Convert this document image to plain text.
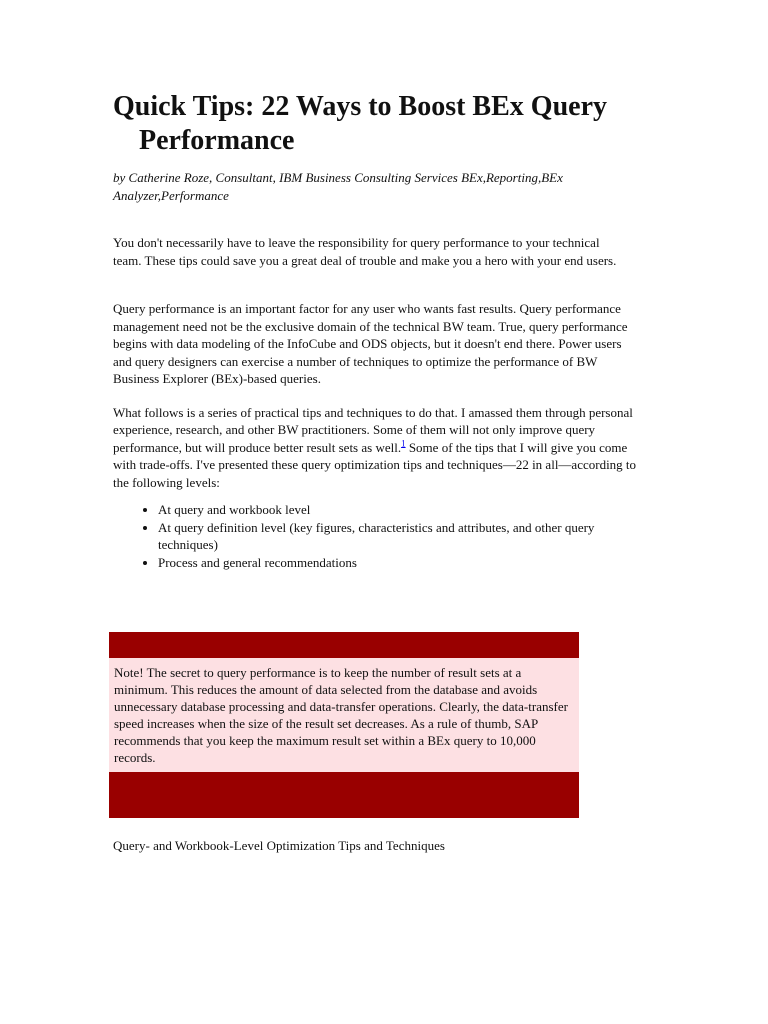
Quick Tips: 22 Ways to Boost BEx Query Performance
by Catherine Roze, Consultant, IBM Business Consulting Services BEx,Reporting,BEx Analyzer,Performance

You don't necessarily have to leave the responsibility for query performance to your technical team. These tips could save you a great deal of trouble and make you a hero with your end users.

Query performance is an important factor for any user who wants fast results. Query performance management need not be the exclusive domain of the technical BW team. True, query performance begins with data modeling of the InfoCube and ODS objects, but it doesn't end there. Power users and query designers can exercise a number of techniques to optimize the performance of BW Business Explorer (BEx)-based queries.

What follows is a series of practical tips and techniques to do that. I amassed them through personal experience, research, and other BW practitioners. Some of them will not only improve query performance, but will produce better result sets as well.$^1$ Some of the tips that I will give you come with trade-offs. I've presented these query optimization tips and techniques—22 in all—according to the following levels:

• At query and workbook level
• At query definition level (key figures, characteristics and attributes, and other query techniques)
• Process and general recommendations
Note! The secret to query performance is to keep the number of result sets at a minimum. This reduces the amount of data selected from the database and avoids unnecessary database processing and data-transfer operations. Clearly, the data-transfer speed increases when the size of the result set decreases. As a rule of thumb, SAP recommends that you keep the maximum result set within a BEx query to 10,000 records.
Query- and Workbook-Level Optimization Tips and Techniques
